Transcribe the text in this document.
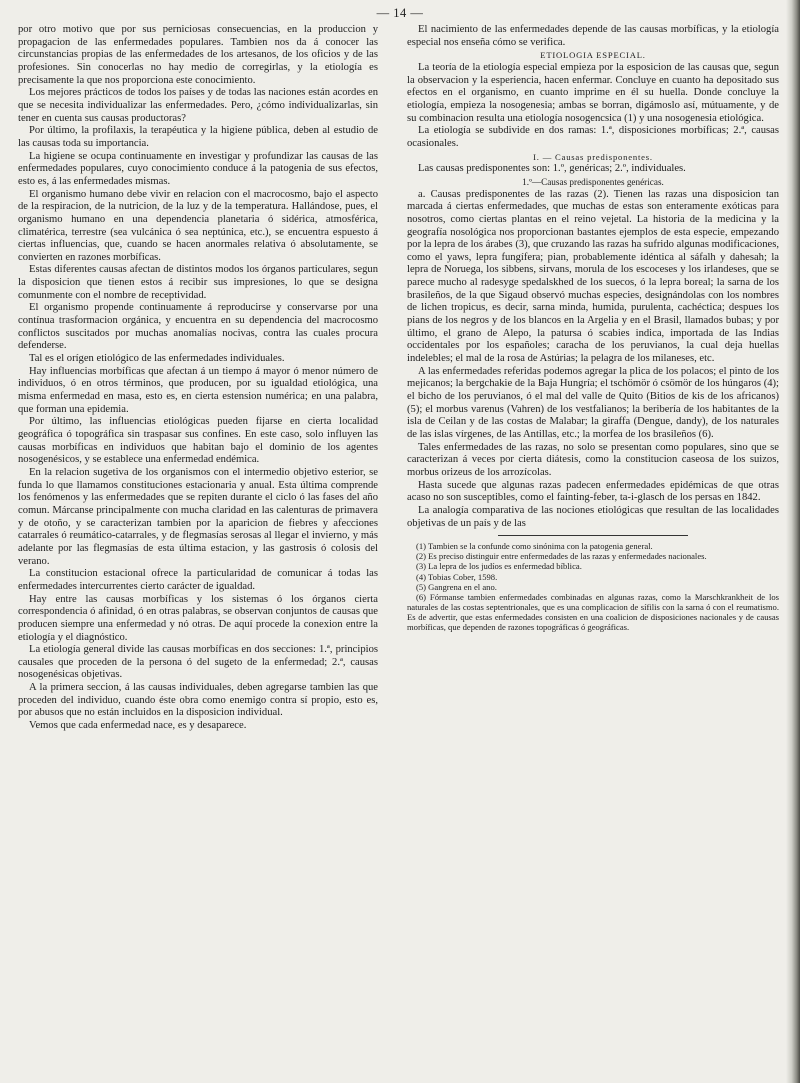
— 14 —

por otro motivo que por sus perniciosas consecuencias, en la produccion y propagacion de las enfermedades populares. Tambien nos da á conocer las circunstancias propias de las enfermedades de los artesanos, de los oficios y de las profesiones. Sin conocerlas no hay medio de corregirlas, y la etiología es precisamente la que nos proporciona este conocimiento.

Los mejores prácticos de todos los países y de todas las naciones están acordes en que se necesita individualizar las enfermedades. Pero, ¿cómo individualizarlas, sin tener en cuenta sus causas productoras?

Por último, la profilaxis, la terapéutica y la higiene pública, deben al estudio de las causas toda su importancia.

La higiene se ocupa continuamente en investigar y profundizar las causas de las enfermedades populares, cuyo conocimiento conduce á la patogenia de sus efectos, esto es, á las enfermedades mismas.

El organismo humano debe vivir en relacion con el macrocosmo, bajo el aspecto de la respiracion, de la nutricion, de la luz y de la temperatura. Hallándose, pues, el organismo humano en una dependencia planetaria ó sidérica, atmosférica, climatérica, terrestre (sea vulcánica ó sea neptúnica, etc.), se encuentra espuesto á ciertas influencias, que, cuando se hacen anormales relativa ó absolutamente, se convierten en razones morbíficas.

Estas diferentes causas afectan de distintos modos los órganos particulares, segun la disposicion que tienen estos á recibir sus impresiones, lo que se designa comunmente con el nombre de receptividad.

El organismo propende continuamente á reproducirse y conservarse por una contínua trasformacion orgánica, y encuentra en su dependencia del macrocosmo conflictos suscitados por muchas anomalías nocivas, contra las cuales procura defenderse.

Tal es el orígen etiológico de las enfermedades individuales.

Hay influencias morbíficas que afectan á un tiempo á mayor ó menor número de individuos, ó en otros términos, que producen, por su igualdad etiológica, una misma enfermedad en masa, esto es, en cierta estension numérica; en una palabra, que forman una epidemia.

Por último, las influencias etiológicas pueden fijarse en cierta localidad geográfica ó topográfica sin traspasar sus confines. En este caso, solo influyen las causas morbíficas en individuos que habitan bajo el dominio de los agentes nosogenésicos, y se establece una enfermedad endémica.

En la relacion sugetiva de los organismos con el intermedio objetivo esterior, se funda lo que llamamos constituciones estacionaria y anual. Esta última comprende los fenómenos y las enfermedades que se repiten durante el ciclo ó las fases del año comun. Márcanse principalmente con mucha claridad en las calenturas de primavera y de otoño, y se caracterizan tambien por la aparicion de fiebres y afecciones catarrales ó reumático-catarrales, y de flegmasías serosas al llegar el invierno, y más adelante por las flegmasías de esta última estacion, y las gastrosis ó colosis del verano.

La constitucion estacional ofrece la particularidad de comunicar á todas las enfermedades intercurrentes cierto carácter de igualdad.

Hay entre las causas morbíficas y los sistemas ó los órganos cierta correspondencia ó afinidad, ó en otras palabras, se observan conjuntos de causas que producen siempre una enfermedad y nó otras. De aquí procede la conexion entre la etiología y el diagnóstico.

La etiología general divide las causas morbíficas en dos secciones: 1.ª, principios causales que proceden de la persona ó del sugeto de la enfermedad; 2.ª, causas nosogenésicas objetivas.

A la primera seccion, á las causas individuales, deben agregarse tambien las que proceden del individuo, cuando éste obra como enemigo contra sí propio, esto es, por abusos que no están incluidos en la disposicion individual.

Vemos que cada enfermedad nace, es y desaparece.

El nacimiento de las enfermedades depende de las causas morbíficas, y la etiología especial nos enseña cómo se verifica.

ETIOLOGIA ESPECIAL.

La teoría de la etiología especial empieza por la esposicion de las causas que, segun la observacion y la esperiencia, hacen enfermar. Concluye en cuanto ha depositado sus efectos en el organismo, en cuanto imprime en él su huella. Donde concluye la etiología, empieza la nosogenesia; ambas se borran, digámoslo así, mútuamente, y de su combinacion resulta una etiología nosogencsica (1) y una nosogenesia etiológica.

La etiología se subdivide en dos ramas: 1.ª, disposiciones morbíficas; 2.ª, causas ocasionales.

I. — Causas predisponentes.

Las causas predisponentes son: 1.º, genéricas; 2.º, individuales.

1.º—Causas predisponentes genéricas.

a. Causas predisponentes de las razas (2). Tienen las razas una disposicion tan marcada á ciertas enfermedades, que muchas de estas son enteramente exóticas para nosotros, como ciertas plantas en el reino vejetal. La historia de la medicina y la geografía nosológica nos proporcionan bastantes ejemplos de esta especie, empezando por la lepra de los árabes (3), que cruzando las razas ha sufrido algunas modificaciones, como el yaws, lepra fungífera; pian, probablemente idéntica al sáfalh y dahesah; la lepra de Noruega, los sibbens, sirvans, morula de los escoceses y los irlandeses, que se parece mucho al radesyge spedalskhed de los suecos, ó la lepra boreal; la sarna de los brasileños, de la que Sigaud observó muchas especies, designándolas con los nombres de lichen tropicus, es decir, sarna minda, humida, purulenta, cachéctica; despues los pians de los negros y de los blancos en la Argelia y en el Brasil, llamados bubas; y por último, el grano de Alepo, la patursa ó scabies indica, importada de las Indias occidentales por los españoles; caracha de los peruvianos, la cual deja huellas indelebles; el mal de la rosa de Astúrias; la pelagra de los milaneses, etc.

A las enfermedades referidas podemos agregar la plica de los polacos; el pinto de los mejicanos; la bergchakie de la Baja Hungría; el tschömör ó csömör de los húngaros (4); el bicho de los peruvianos, ó el mal del valle de Quito (Bitios de kis de los africanos) (5); el morbus varenus (Vahren) de los vestfalianos; la beribería de los habitantes de la isla de Ceilan y de las costas de Malabar; la giraffa (Dengue, dandy), de los naturales de las islas vírgenes, de las Antillas, etc.; la morfea de los brasileños (6).

Tales enfermedades de las razas, no solo se presentan como populares, sino que se caracterizan á veces por cierta diátesis, como la constitucion caseosa de los suizos, morbus orizeus de los arrozícolas.

Hasta sucede que algunas razas padecen enfermedades epidémicas de que otras acaso no son susceptibles, como el fainting-feber, ta-i-glasch de los persas en 1842.

La analogía comparativa de las nociones etiológicas que resultan de las localidades objetivas de un país y de las

(1) Tambien se la confunde como sinónima con la patogenia general.

(2) Es preciso distinguir entre enfermedades de las razas y enfermedades nacionales.

(3) La lepra de los judíos es enfermedad bíblica.

(4) Tobias Cober, 1598.

(5) Gangrena en el ano.

(6) Fórmanse tambien enfermedades combinadas en algunas razas, como la Marschkrankheit de los naturales de las costas septentrionales, que es una complicacion de sífilis con la sarna ó con el reumatismo. Es de advertir, que estas enfermedades consisten en una coalicion de disposiciones nacionales y de causas morbíficas, que dependen de razones topográficas ó geográficas.
